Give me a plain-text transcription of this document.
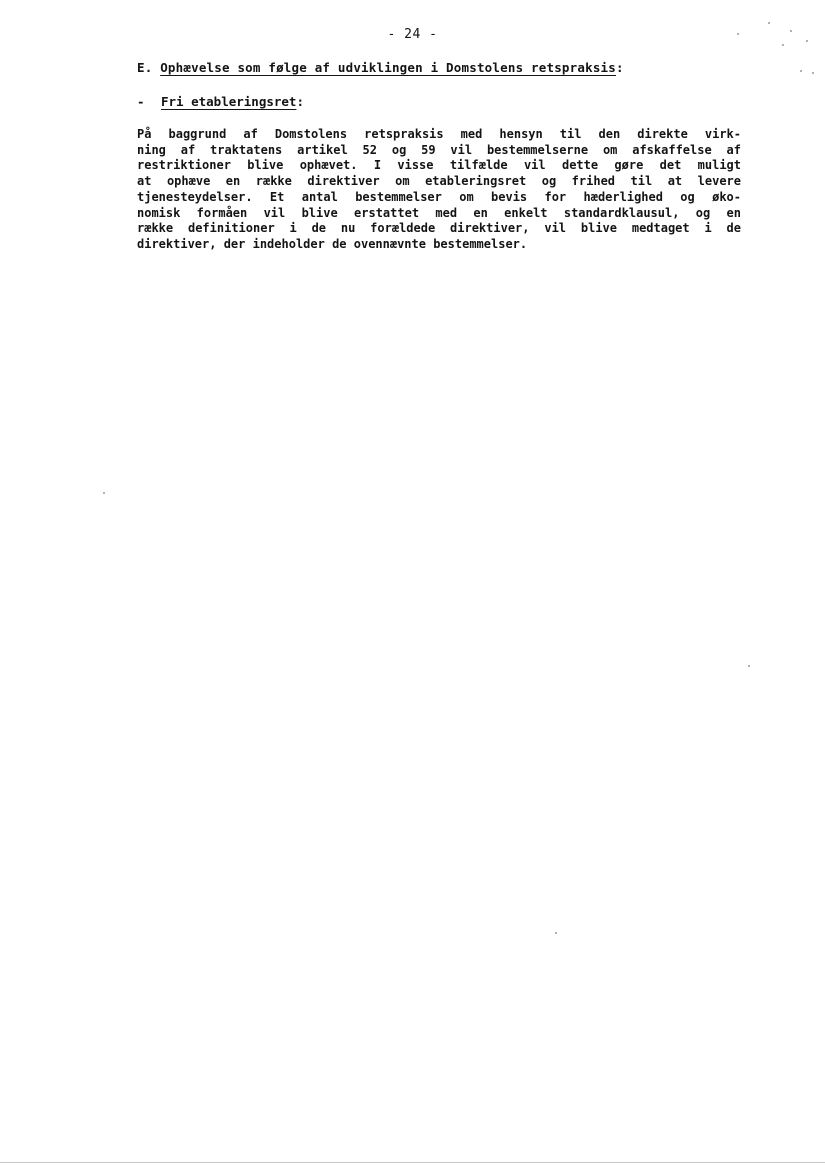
- 24 -
E. Ophævelse som følge af udviklingen i Domstolens retspraksis:
- Fri etableringsret:
På baggrund af Domstolens retspraksis med hensyn til den direkte virk-
ning af traktatens artikel 52 og 59 vil bestemmelserne om afskaffelse af
restriktioner blive ophævet. I visse tilfælde vil dette gøre det muligt
at ophæve en række direktiver om etableringsret og frihed til at levere
tjenesteydelser. Et antal bestemmelser om bevis for hæderlighed og øko-
nomisk formåen vil blive erstattet med en enkelt standardklausul, og en
række definitioner i de nu forældede direktiver, vil blive medtaget i de
direktiver, der indeholder de ovennævnte bestemmelser.
